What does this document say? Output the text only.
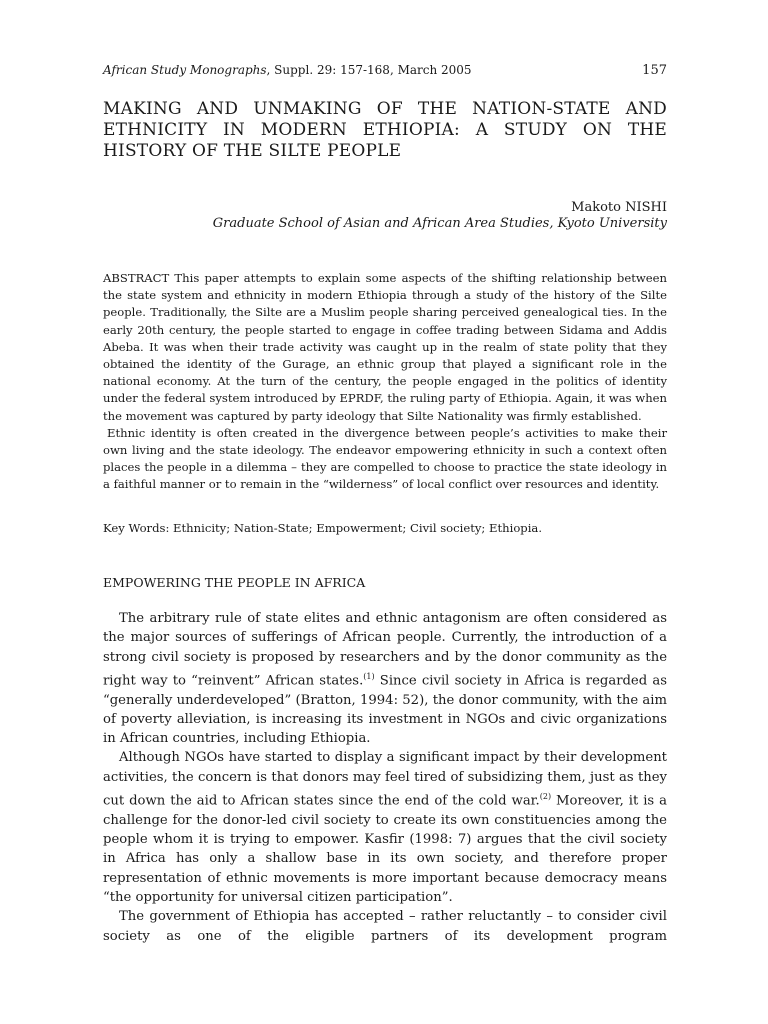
African Study Monographs, Suppl. 29: 157-168, March 2005	157
MAKING AND UNMAKING OF THE NATION-STATE AND ETHNICITY IN MODERN ETHIOPIA: A STUDY ON THE HISTORY OF THE SILTE PEOPLE
Makoto NISHI
Graduate School of Asian and African Area Studies, Kyoto University

ABSTRACT This paper attempts to explain some aspects of the shifting relationship between the state system and ethnicity in modern Ethiopia through a study of the history of the Silte people. Traditionally, the Silte are a Muslim people sharing perceived genealogical ties. In the early 20th century, the people started to engage in coffee trading between Sidama and Addis Abeba. It was when their trade activity was caught up in the realm of state polity that they obtained the identity of the Gurage, an ethnic group that played a significant role in the national economy. At the turn of the century, the people engaged in the politics of identity under the federal system introduced by EPRDF, the ruling party of Ethiopia. Again, it was when the movement was captured by party ideology that Silte Nationality was firmly established.

Ethnic identity is often created in the divergence between people’s activities to make their own living and the state ideology. The endeavor empowering ethnicity in such a context often places the people in a dilemma – they are compelled to choose to practice the state ideology in a faithful manner or to remain in the “wilderness” of local conflict over resources and identity.

Key Words: Ethnicity; Nation-State; Empowerment; Civil society; Ethiopia.
EMPOWERING THE PEOPLE IN AFRICA

The arbitrary rule of state elites and ethnic antagonism are often considered as the major sources of sufferings of African people. Currently, the introduction of a strong civil society is proposed by researchers and by the donor community as the right way to “reinvent” African states.$^{(1)}$ Since civil society in Africa is regarded as “generally underdeveloped” (Bratton, 1994: 52), the donor community, with the aim of poverty alleviation, is increasing its investment in NGOs and civic organizations in African countries, including Ethiopia.

Although NGOs have started to display a significant impact by their development activities, the concern is that donors may feel tired of subsidizing them, just as they cut down the aid to African states since the end of the cold war.$^{(2)}$ Moreover, it is a challenge for the donor-led civil society to create its own constituencies among the people whom it is trying to empower. Kasfir (1998: 7) argues that the civil society in Africa has only a shallow base in its own society, and therefore proper representation of ethnic movements is more important because democracy means “the opportunity for universal citizen participation”.

The government of Ethiopia has accepted – rather reluctantly – to consider civil society as one of the eligible partners of its development program
